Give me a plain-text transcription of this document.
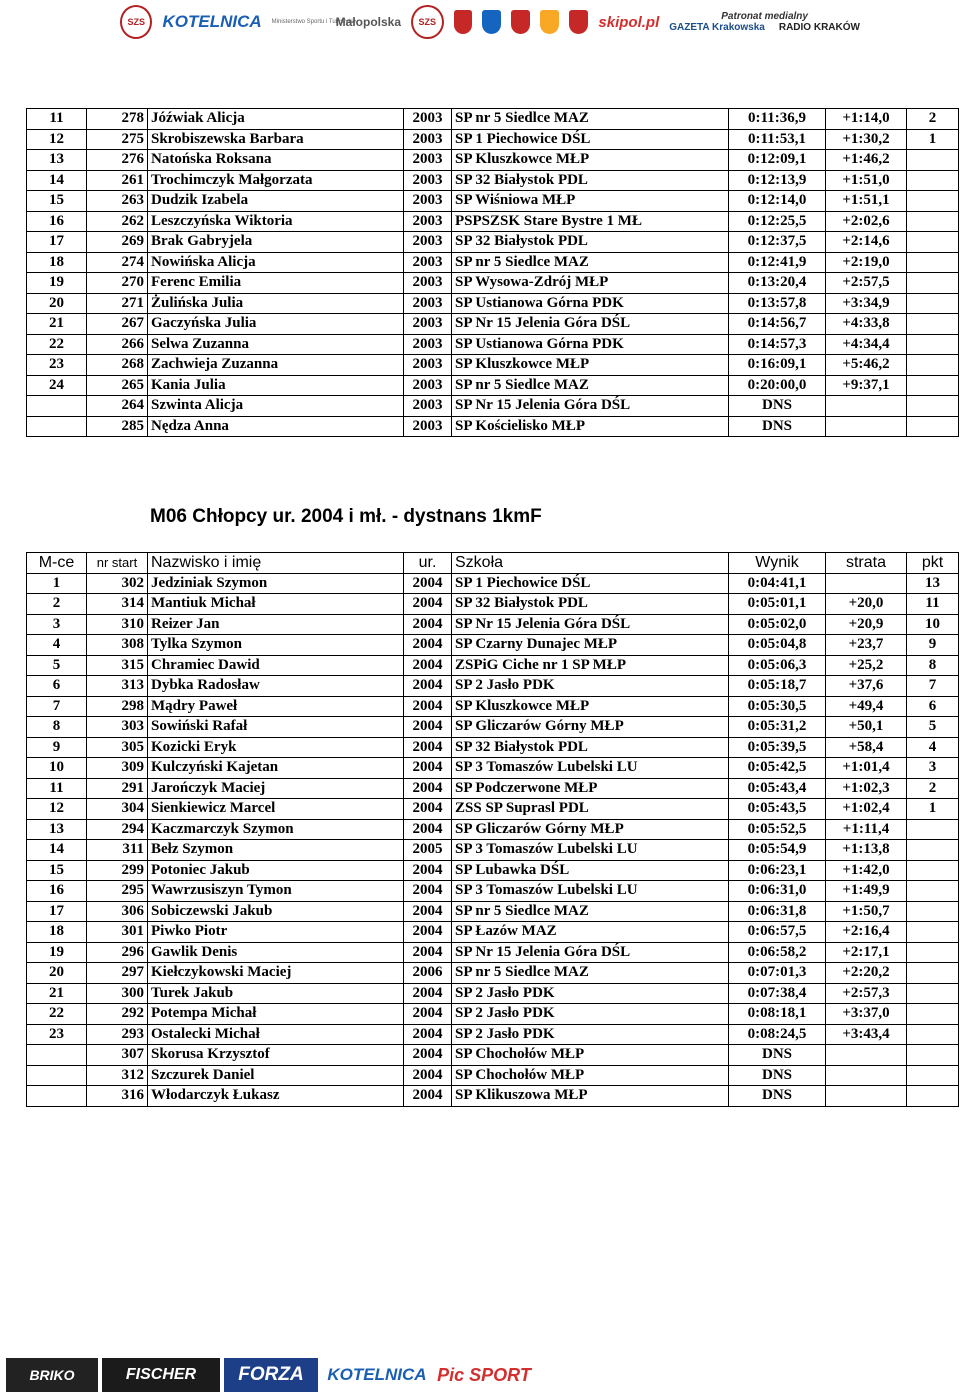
SZS	KOTELNICA Ministerstwo Sportu i Turystyki
Małopolska	SZS	skipol.pl	Patronat medialny
GAZETA Krakowska RADIO KRAKÓW
11	278	Jóźwiak Alicja	2003	SP nr 5 Siedlce MAZ	0:11:36,9	+1:14,0	2
12	275	Skrobiszewska Barbara	2003	SP 1 Piechowice DŚL	0:11:53,1	+1:30,2	1
13	276	Natońska Roksana	2003	SP Kluszkowce MŁP	0:12:09,1	+1:46,2	
14	261	Trochimczyk Małgorzata	2003	SP 32 Białystok PDL	0:12:13,9	+1:51,0	
15	263	Dudzik Izabela	2003	SP Wiśniowa MŁP	0:12:14,0	+1:51,1	
16	262	Leszczyńska Wiktoria	2003	PSPSZSK Stare Bystre 1 MŁ	0:12:25,5	+2:02,6	
17	269	Brak Gabryjela	2003	SP 32 Białystok PDL	0:12:37,5	+2:14,6	
18	274	Nowińska Alicja	2003	SP nr 5 Siedlce MAZ	0:12:41,9	+2:19,0	
19	270	Ferenc Emilia	2003	SP Wysowa-Zdrój MŁP	0:13:20,4	+2:57,5	
20	271	Żulińska Julia	2003	SP Ustianowa Górna PDK	0:13:57,8	+3:34,9	
21	267	Gaczyńska Julia	2003	SP Nr 15 Jelenia Góra DŚL	0:14:56,7	+4:33,8	
22	266	Selwa Zuzanna	2003	SP Ustianowa Górna PDK	0:14:57,3	+4:34,4	
23	268	Zachwieja Zuzanna	2003	SP Kluszkowce MŁP	0:16:09,1	+5:46,2	
24	265	Kania Julia	2003	SP nr 5 Siedlce MAZ	0:20:00,0	+9:37,1	
	264	Szwinta Alicja	2003	SP Nr 15 Jelenia Góra DŚL	DNS		
	285	Nędza Anna	2003	SP Kościelisko MŁP	DNS		
M06 Chłopcy ur. 2004 i mł. - dystnans 1kmF
M-ce	nr start	Nazwisko i imię	ur.	Szkoła	Wynik	strata	pkt
1	302	Jedziniak Szymon	2004	SP 1 Piechowice DŚL	0:04:41,1		13
2	314	Mantiuk Michał	2004	SP 32 Białystok PDL	0:05:01,1	+20,0	11
3	310	Reizer Jan	2004	SP Nr 15 Jelenia Góra DŚL	0:05:02,0	+20,9	10
4	308	Tylka Szymon	2004	SP Czarny Dunajec MŁP	0:05:04,8	+23,7	9
5	315	Chramiec Dawid	2004	ZSPiG Ciche nr 1 SP MŁP	0:05:06,3	+25,2	8
6	313	Dybka Radosław	2004	SP 2 Jasło PDK	0:05:18,7	+37,6	7
7	298	Mądry Paweł	2004	SP Kluszkowce MŁP	0:05:30,5	+49,4	6
8	303	Sowiński Rafał	2004	SP Gliczarów Górny MŁP	0:05:31,2	+50,1	5
9	305	Kozicki Eryk	2004	SP 32 Białystok PDL	0:05:39,5	+58,4	4
10	309	Kulczyński Kajetan	2004	SP 3 Tomaszów Lubelski LU	0:05:42,5	+1:01,4	3
11	291	Jarończyk Maciej	2004	SP Podczerwone MŁP	0:05:43,4	+1:02,3	2
12	304	Sienkiewicz Marcel	2004	ZSS SP Suprasl PDL	0:05:43,5	+1:02,4	1
13	294	Kaczmarczyk Szymon	2004	SP Gliczarów Górny MŁP	0:05:52,5	+1:11,4	
14	311	Bełz Szymon	2005	SP 3 Tomaszów Lubelski LU	0:05:54,9	+1:13,8	
15	299	Potoniec Jakub	2004	SP Lubawka DŚL	0:06:23,1	+1:42,0	
16	295	Wawrzusiszyn Tymon	2004	SP 3 Tomaszów Lubelski LU	0:06:31,0	+1:49,9	
17	306	Sobiczewski Jakub	2004	SP nr 5 Siedlce MAZ	0:06:31,8	+1:50,7	
18	301	Piwko Piotr	2004	SP Łazów MAZ	0:06:57,5	+2:16,4	
19	296	Gawlik Denis	2004	SP Nr 15 Jelenia Góra DŚL	0:06:58,2	+2:17,1	
20	297	Kiełczykowski Maciej	2006	SP nr 5 Siedlce MAZ	0:07:01,3	+2:20,2	
21	300	Turek Jakub	2004	SP 2 Jasło PDK	0:07:38,4	+2:57,3	
22	292	Potempa Michał	2004	SP 2 Jasło PDK	0:08:18,1	+3:37,0	
23	293	Ostalecki Michał	2004	SP 2 Jasło PDK	0:08:24,5	+3:43,4	
	307	Skorusa Krzysztof	2004	SP Chochołów MŁP	DNS		
	312	Szczurek Daniel	2004	SP Chochołów MŁP	DNS		
	316	Włodarczyk Łukasz	2004	SP Klikuszowa MŁP	DNS		
BRIKO	FISCHER	FORZA	KOTELNICA Pic SPORT
